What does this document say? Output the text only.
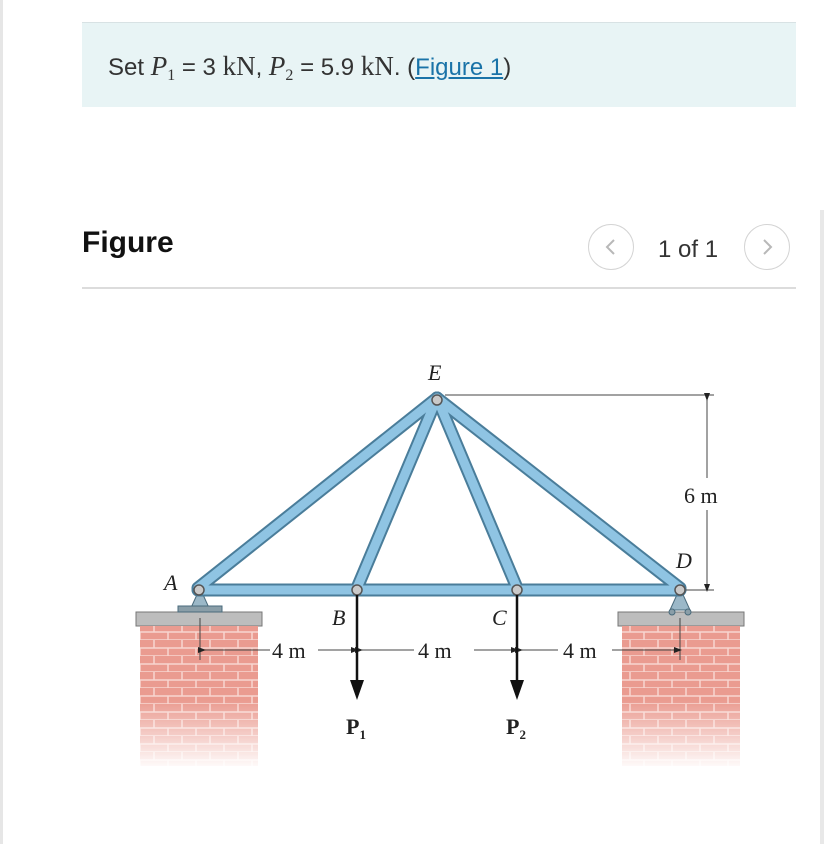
Set $P_1 = 3$ kN, $P_2 = 5.9$ kN. (Figure 1)
Figure	1 of 1
6 m
4 m	4 m	4 m
$P_1$	$P_2$
E
A
B	C
D
